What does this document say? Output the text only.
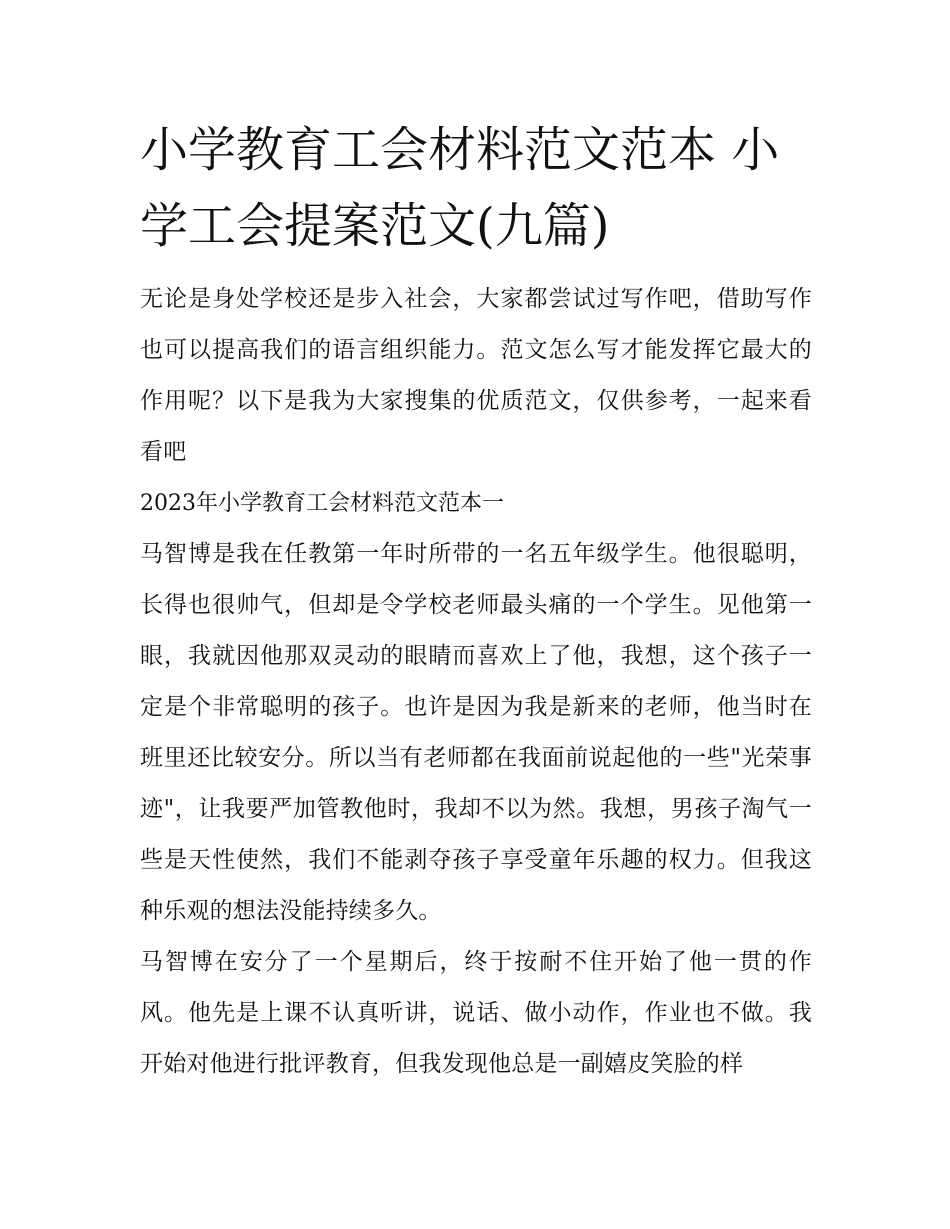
小学教育工会材料范文范本 小学工会提案范文(九篇)

无论是身处学校还是步入社会，大家都尝试过写作吧，借助写作也可以提高我们的语言组织能力。范文怎么写才能发挥它最大的作用呢？以下是我为大家搜集的优质范文，仅供参考，一起来看看吧

2023年小学教育工会材料范文范本一

马智博是我在任教第一年时所带的一名五年级学生。他很聪明，长得也很帅气，但却是令学校老师最头痛的一个学生。见他第一眼，我就因他那双灵动的眼睛而喜欢上了他，我想，这个孩子一定是个非常聪明的孩子。也许是因为我是新来的老师，他当时在班里还比较安分。所以当有老师都在我面前说起他的一些"光荣事迹"，让我要严加管教他时，我却不以为然。我想，男孩子淘气一些是天性使然，我们不能剥夺孩子享受童年乐趣的权力。但我这种乐观的想法没能持续多久。

马智博在安分了一个星期后，终于按耐不住开始了他一贯的作风。他先是上课不认真听讲，说话、做小动作，作业也不做。我开始对他进行批评教育，但我发现他总是一副嬉皮笑脸的样
